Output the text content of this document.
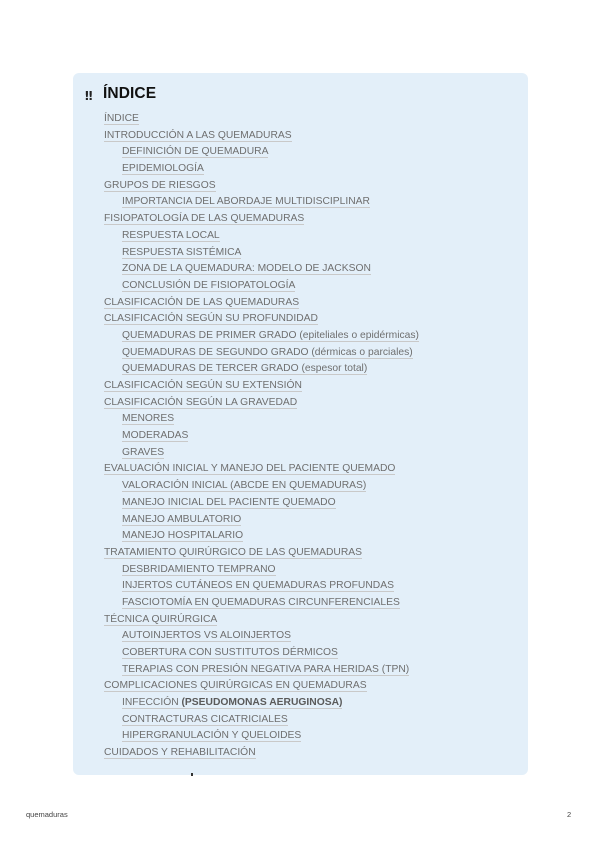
‼ ÍNDICE
ÍNDICE
INTRODUCCIÓN A LAS QUEMADURAS
DEFINICIÓN DE QUEMADURA
EPIDEMIOLOGÍA
GRUPOS DE RIESGOS
IMPORTANCIA DEL ABORDAJE MULTIDISCIPLINAR
FISIOPATOLOGÍA DE LAS QUEMADURAS
RESPUESTA LOCAL
RESPUESTA SISTÉMICA
ZONA DE LA QUEMADURA: MODELO DE JACKSON
CONCLUSIÓN DE FISIOPATOLOGÍA
CLASIFICACIÓN DE LAS QUEMADURAS
CLASIFICACIÓN SEGÚN SU PROFUNDIDAD
QUEMADURAS DE PRIMER GRADO (epiteliales o epidérmicas)
QUEMADURAS DE SEGUNDO GRADO (dérmicas o parciales)
QUEMADURAS DE TERCER GRADO (espesor total)
CLASIFICACIÓN SEGÚN SU EXTENSIÓN
CLASIFICACIÓN SEGÚN LA GRAVEDAD
MENORES
MODERADAS
GRAVES
EVALUACIÓN INICIAL Y MANEJO DEL PACIENTE QUEMADO
VALORACIÓN INICIAL (ABCDE EN QUEMADURAS)
MANEJO INICIAL DEL PACIENTE QUEMADO
MANEJO AMBULATORIO
MANEJO HOSPITALARIO
TRATAMIENTO QUIRÚRGICO DE LAS QUEMADURAS
DESBRIDAMIENTO TEMPRANO
INJERTOS CUTÁNEOS EN QUEMADURAS PROFUNDAS
FASCIOTOMÍA EN QUEMADURAS CIRCUNFERENCIALES
TÉCNICA QUIRÚRGICA
AUTOINJERTOS VS ALOINJERTOS
COBERTURA CON SUSTITUTOS DÉRMICOS
TERAPIAS CON PRESIÓN NEGATIVA PARA HERIDAS (TPN)
COMPLICACIONES QUIRÚRGICAS EN QUEMADURAS
INFECCIÓN (PSEUDOMONAS AERUGINOSA)
CONTRACTURAS CICATRICIALES
HIPERGRANULACIÓN Y QUELOIDES
CUIDADOS Y REHABILITACIÓN
quemaduras	2
